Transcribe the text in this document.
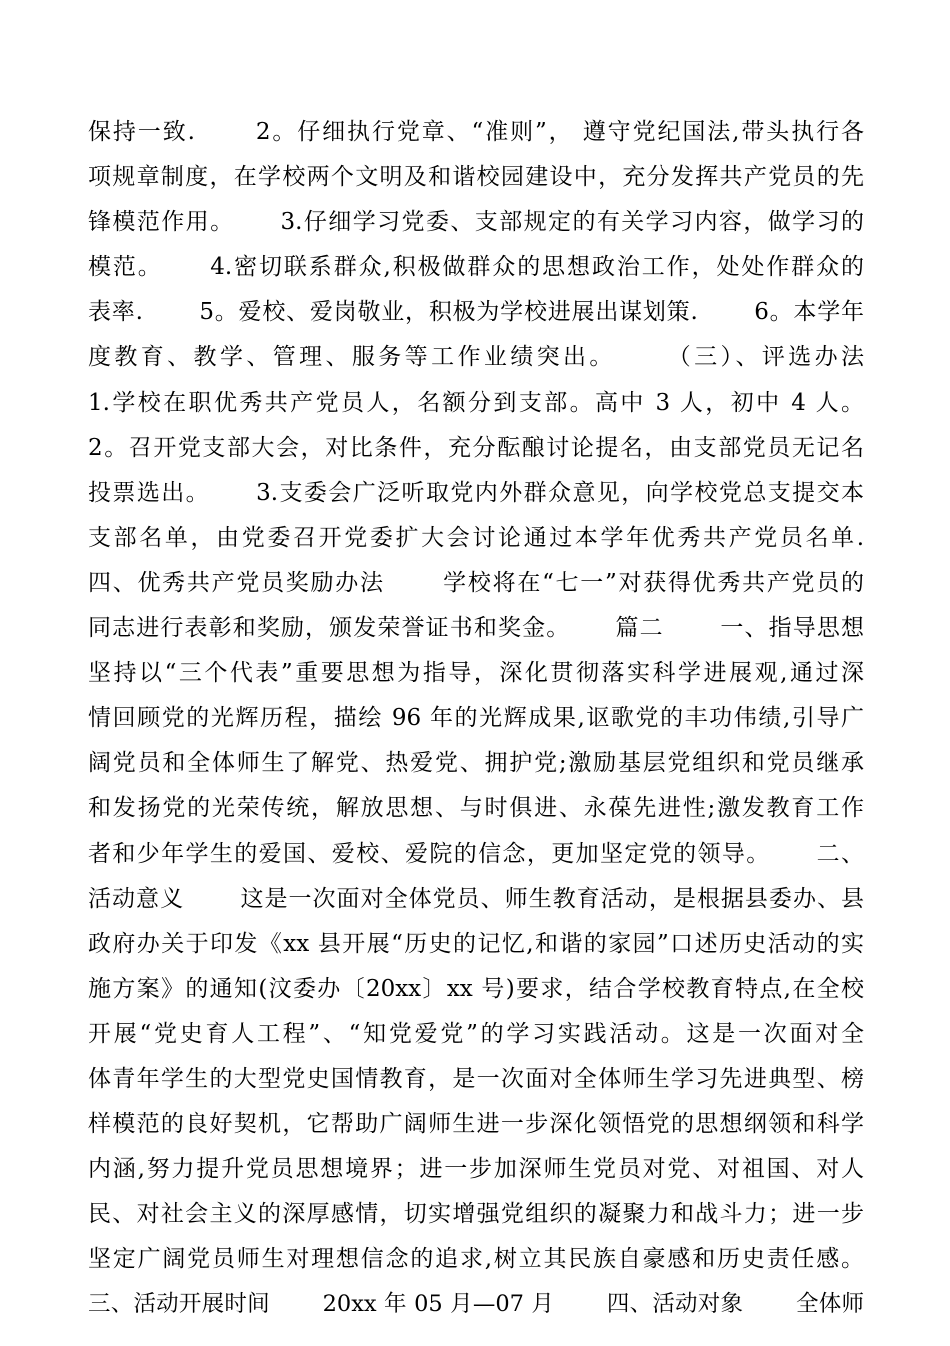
保持一致.　　 2。仔细执行党章、“准则”， 遵守党纪国法,带头执行各
项规章制度，在学校两个文明及和谐校园建设中，充分发挥共产党员的先
锋模范作用。　　 3.仔细学习党委、支部规定的有关学习内容，做学习的
模范。　　 4.密切联系群众,积极做群众的思想政治工作，处处作群众的
表率.　　 5。爱校、爱岗敬业，积极为学校进展出谋划策.　　 6。本学年
度教育、教学、管理、服务等工作业绩突出。　　 （三）、评选办法
1.学校在职优秀共产党员人，名额分到支部。高中 3 人，初中 4 人。
2。召开党支部大会，对比条件，充分酝酿讨论提名，由支部党员无记名
投票选出。　　 3.支委会广泛听取党内外群众意见，向学校党总支提交本
支部名单，由党委召开党委扩大会讨论通过本学年优秀共产党员名单.
四、优秀共产党员奖励办法　　 学校将在“七一”对获得优秀共产党员的
同志进行表彰和奖励，颁发荣誉证书和奖金。　　 篇二　　 一、指导思想
坚持以“三个代表”重要思想为指导，深化贯彻落实科学进展观,通过深
情回顾党的光辉历程，描绘 96 年的光辉成果,讴歌党的丰功伟绩,引导广
阔党员和全体师生了解党、热爱党、拥护党;激励基层党组织和党员继承
和发扬党的光荣传统，解放思想、与时俱进、永葆先进性;激发教育工作
者和少年学生的爱国、爱校、爱院的信念，更加坚定党的领导。　　 二、
活动意义　　 这是一次面对全体党员、师生教育活动，是根据县委办、县
政府办关于印发《xx 县开展“历史的记忆,和谐的家园”口述历史活动的实
施方案》的通知(汶委办〔20xx〕xx 号)要求，结合学校教育特点,在全校
开展“党史育人工程”、“知党爱党”的学习实践活动。这是一次面对全
体青年学生的大型党史国情教育，是一次面对全体师生学习先进典型、榜
样模范的良好契机，它帮助广阔师生进一步深化领悟党的思想纲领和科学
内涵,努力提升党员思想境界；进一步加深师生党员对党、对祖国、对人
民、对社会主义的深厚感情，切实增强党组织的凝聚力和战斗力；进一步
坚定广阔党员师生对理想信念的追求,树立其民族自豪感和历史责任感。
三、活动开展时间　　 20xx 年 05 月—07 月　　 四、活动对象　　 全体师
